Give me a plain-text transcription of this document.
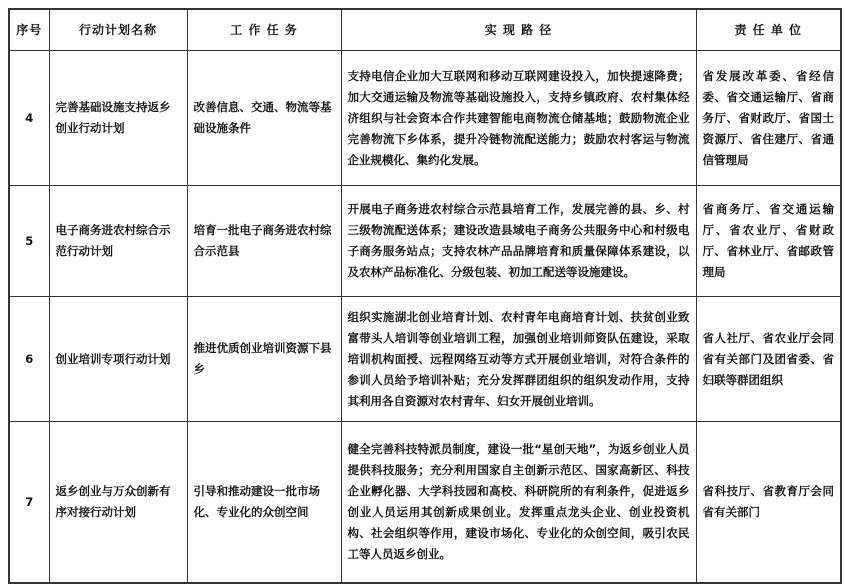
序号	行动计划名称	工 作 任 务	实 现 路 径	责 任 单 位
4	完善基础设施支持返乡创业行动计划	改善信息、交通、物流等基础设施条件	支持电信企业加大互联网和移动互联网建设投入，加快提速降费；加大交通运输及物流等基础设施投入，支持乡镇政府、农村集体经济组织与社会资本合作共建智能电商物流仓储基地；鼓励物流企业完善物流下乡体系，提升冷链物流配送能力；鼓励农村客运与物流企业规模化、集约化发展。	省发展改革委、省经信委、省交通运输厅、省商务厅、省财政厅、省国土资源厅、省住建厅、省通信管理局
5	电子商务进农村综合示范行动计划	培育一批电子商务进农村综合示范县	开展电子商务进农村综合示范县培育工作，发展完善的县、乡、村三级物流配送体系；建设改造县域电子商务公共服务中心和村级电子商务服务站点；支持农林产品品牌培育和质量保障体系建设，以及农林产品标准化、分级包装、初加工配送等设施建设。	省商务厅、省交通运输厅、省农业厅、省财政厅、省林业厅、省邮政管理局
6	创业培训专项行动计划	推进优质创业培训资源下县乡	组织实施湖北创业培育计划、农村青年电商培育计划、扶贫创业致富带头人培训等创业培训工程，加强创业培训师资队伍建设，采取培训机构面授、远程网络互动等方式开展创业培训，对符合条件的参训人员给予培训补贴；充分发挥群团组织的组织发动作用，支持其利用各自资源对农村青年、妇女开展创业培训。	省人社厅、省农业厅会同省有关部门及团省委、省妇联等群团组织
7	返乡创业与万众创新有序对接行动计划	引导和推动建设一批市场化、专业化的众创空间	健全完善科技特派员制度，建设一批“星创天地”，为返乡创业人员提供科技服务；充分利用国家自主创新示范区、国家高新区、科技企业孵化器、大学科技园和高校、科研院所的有利条件，促进返乡创业人员运用其创新成果创业。发挥重点龙头企业、创业投资机构、社会组织等作用，建设市场化、专业化的众创空间，吸引农民工等人员返乡创业。	省科技厅、省教育厅会同省有关部门
